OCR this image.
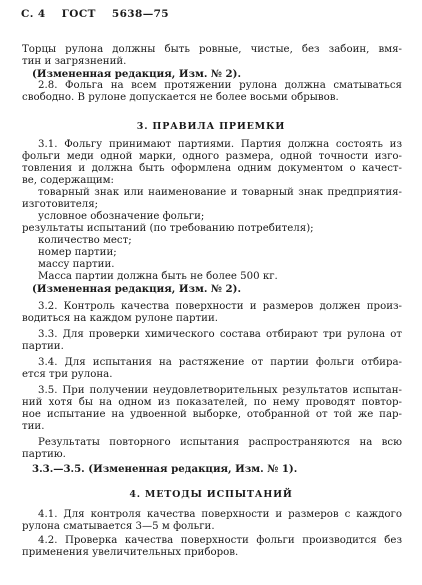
С. 4 ГОСТ 5638—75
Торцы рулона должны быть ровные, чистые, без забоин, вмя-
тин и загрязнений.
(Измененная редакция, Изм. № 2).
2.8. Фольга на всем протяжении рулона должна сматываться
свободно. В рулоне допускается не более восьми обрывов.
3. ПРАВИЛА ПРИЕМКИ
3.1. Фольгу принимают партиями. Партия должна состоять из
фольги меди одной марки, одного размера, одной точности изго-
товления и должна быть оформлена одним документом о качест-
ве, содержащим:
товарный знак или наименование и товарный знак предприятия-
изготовителя;
условное обозначение фольги;
результаты испытаний (по требованию потребителя);
количество мест;
номер партии;
массу партии.
Масса партии должна быть не более 500 кг.
(Измененная редакция, Изм. № 2).
3.2. Контроль качества поверхности и размеров должен произ-
водиться на каждом рулоне партии.
3.3. Для проверки химического состава отбирают три рулона от
партии.
3.4. Для испытания на растяжение от партии фольги отбира-
ется три рулона.
3.5. При получении неудовлетворительных результатов испытан-
ний хотя бы на одном из показателей, по нему проводят повтор-
ное испытание на удвоенной выборке, отобранной от той же пар-
тии.
Результаты повторного испытания распространяются на всю
партию.
3.3.—3.5. (Измененная редакция, Изм. № 1).
4. МЕТОДЫ ИСПЫТАНИЙ
4.1. Для контроля качества поверхности и размеров с каждого
рулона сматывается 3—5 м фольги.
4.2. Проверка качества поверхности фольги производится без
применения увеличительных приборов.
